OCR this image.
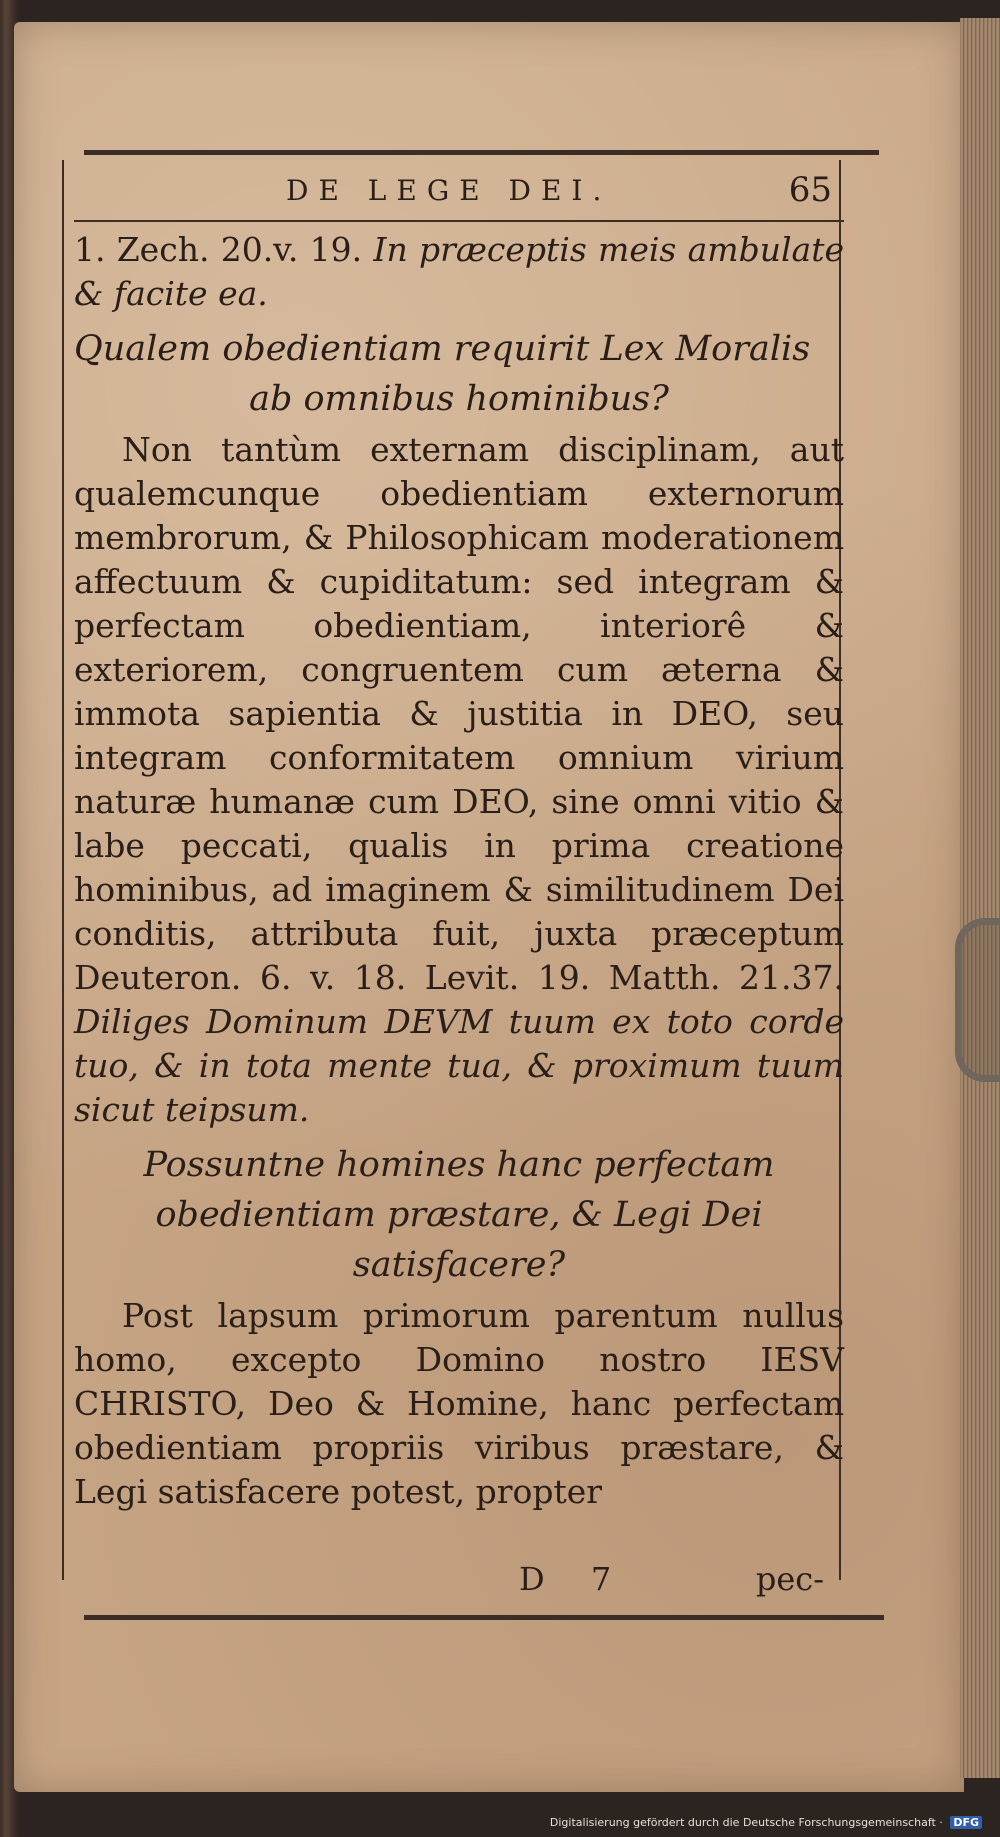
DE LEGE DEI.	65

1. Zech. 20.v. 19. In præceptis meis ambulate & facite ea.

Qualem obedientiam requirit Lex Moralis
ab omnibus hominibus?

Non tantùm externam disciplinam, aut qualemcunque obedientiam externorum membrorum, & Philosophicam moderationem affectuum & cupiditatum: sed integram & perfectam obedientiam, interiorê & exteriorem, congruentem cum æterna & immota sapientia & justitia in DEO, seu integram conformitatem omnium virium naturæ humanæ cum DEO, sine omni vitio & labe peccati, qualis in prima creatione hominibus, ad imaginem & similitudinem Dei conditis, attributa fuit, juxta præceptum Deuteron. 6. v. 18. Levit. 19. Matth. 21.37. Diliges Dominum DEVM tuum ex toto corde tuo, & in tota mente tua, & proximum tuum sicut teipsum.

Possuntne homines hanc perfectam obedientiam præstare, & Legi Dei satisfacere?

Post lapsum primorum parentum nullus homo, excepto Domino nostro IESV CHRISTO, Deo & Homine, hanc perfectam obedientiam propriis viribus præstare, & Legi satisfacere potest, propter

D 7	pec-
Digitalisierung gefördert durch die Deutsche Forschungsgemeinschaft · DFG
